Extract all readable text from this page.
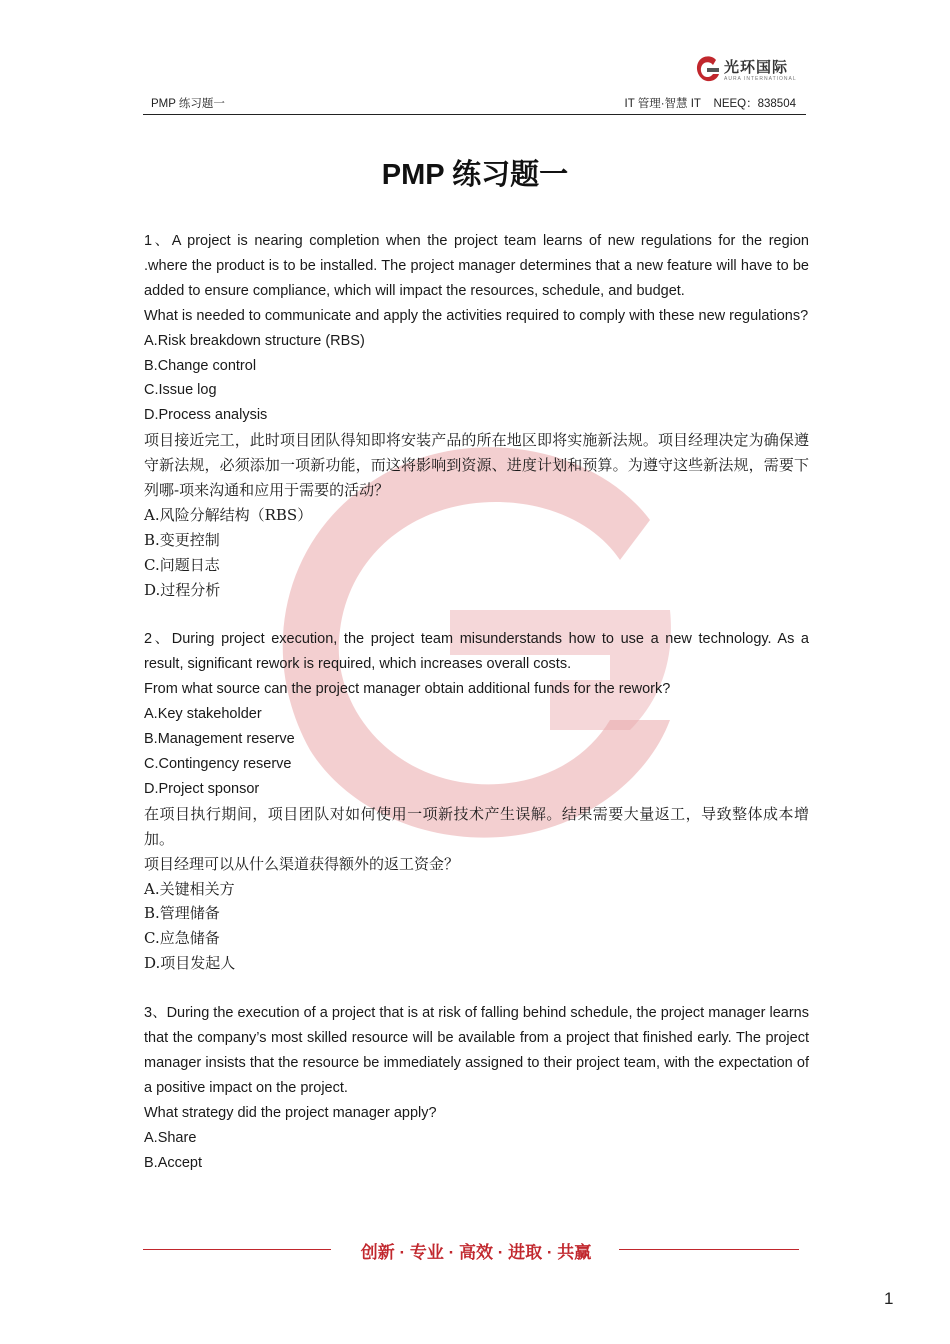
光环国际
AURA INTERNATIONAL
PMP 练习题一	IT 管理·智慧 IT    NEEQ：838504
PMP 练习题一

1、A project is nearing completion when the project team learns of new regulations for the region .where the product is to be installed. The project manager determines that a new feature will have to be added to ensure compliance, which will impact the resources, schedule, and budget.

What is needed to communicate and apply the activities required to comply with these new regulations?

A.Risk breakdown structure (RBS)

B.Change control

C.Issue log

D.Process analysis

项目接近完工，此时项目团队得知即将安装产品的所在地区即将实施新法规。项目经理决定为确保遵守新法规，必须添加一项新功能，而这将影响到资源、进度计划和预算。为遵守这些新法规，需要下列哪-项来沟通和应用于需要的活动？

A.风险分解结构（RBS）

B.变更控制

C.问题日志

D.过程分析

2、During project execution, the project team misunderstands how to use a new technology. As a result, significant rework is required, which increases overall costs.

From what source can the project manager obtain additional funds for the rework?

A.Key stakeholder

B.Management reserve

C.Contingency reserve

D.Project sponsor

在项目执行期间，项目团队对如何使用一项新技术产生误解。结果需要大量返工，导致整体成本增加。

项目经理可以从什么渠道获得额外的返工资金？

A.关键相关方

B.管理储备

C.应急储备

D.项目发起人

3、During the execution of a project that is at risk of falling behind schedule, the project manager learns that the company’s most skilled resource will be available from a project that finished early. The project manager insists that the resource be immediately assigned to their project team, with the expectation of a positive impact on the project.

What strategy did the project manager apply?

A.Share

B.Accept

创新 · 专业 · 高效 · 进取 · 共赢
1
